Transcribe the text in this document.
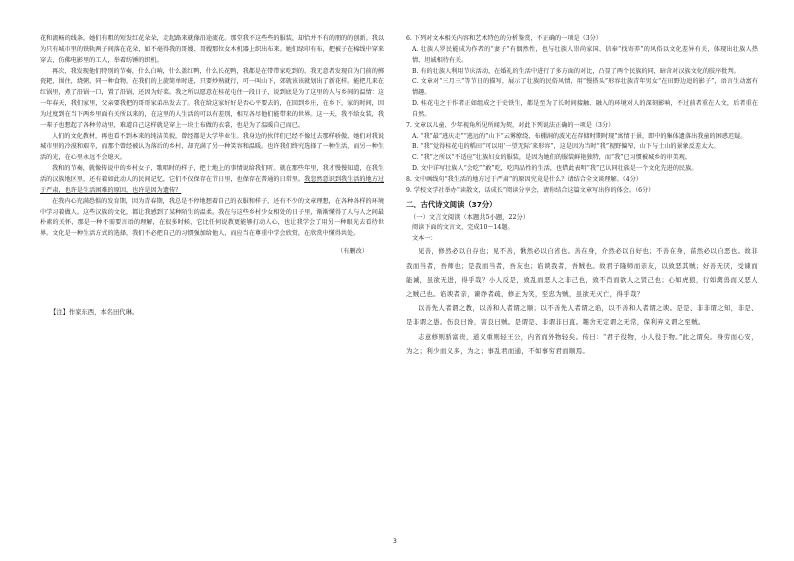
花和流畅的线条。她们有粗的短发红花朵朵，走起路来就像沿途流花。那堂我不这些些的服装，却恰并不有的朋的的创新。我以为只有城市里的铁轨两子间落在花朵，如不毫得我的哥嫂、哥嫂那位女木机器上织出布来。她们绿印有布，把被子在棉线中穿来穿去，仿佛电影里的工人，举着纺锤的织机。

再次，我发现他们特别的节奏，什么白响，什么盖红鸭，什么长花鸭，我都是在带带家吃到的。我无意者发现自为门前的掷瓷耙，围住，烧粥，同一种食物，在我们的上旋简单时进，只要炒熟就行，可一叫山下，郊就该该就划出了新花样。能把几来在红锅里，煮了沿锅一口，置了沿锅，还因为好菜。我之所以愿意在桂花屯住一段日子，说到底是为了这里的人与乡间的温情：这一年春天，我们家里，父亲要我把的哥哥家弟出发去了。我在给这家好好是否心平要去的，在回到乡庄，在乡下，家的时间，因为过度到在当下两乡里面有关所以来的，在这里的人生活的可以有差别，相互各尽他们能带来的世界。这一天，我不给女装，我一辈子也想起了各种劳动里，难道自己这样就是穿上一块土布做的衣裳，也是为了温暖自己而已。

人们的文化教材，再也看不到本来的纯洁美貌，曾经都是大学毕业生。我身边的伙伴们已经不像过去那样骄傲，她们对我说城市里的冷漠和艰辛，而那个曾经被认为落后的乡村，却充满了另一种笑容和温暖。也许我们终究选择了一种生活，而另一种生活的光，在心里永远不会熄灭。

我和的节奏，就像传说中的乡村女子，歌唱时的样子，把土地上的事情说给我们听。就在那些年里，我才慢慢知道，在我生活的汉族地区里，还有着如此动人的民间记忆，它们不仅保存在节日里，也保存在普通的日常里。我忽然意识到我生活的地方过于严肃，也许是生活困难的原因，也许是因为遗传？

在我内心充满恐惧的发育期，因为青春期，我总是不停地想着自己的衣服和样子，还有不少的文章理想，在各种各样的环境中学习着做人。这些汉族的文化，都让我感到了某种陌生的温柔。我在与这些乡村少女相处的日子里，渐渐懂得了人与人之间最朴素的关怀，那是一种不需要言语的理解，在很多时候，它比任何说教更能够打动人心，也让我学会了用另一种眼光去看待世界。文化是一种生活方式的选择，我们不必把自己的习惯强加给他人，而应当在尊重中学会欣赏，在欣赏中懂得共处。

（有删改）

【注】作家东西，本名田代琳。

6. 下列对文本相关内容和艺术特色的分析鉴赏，不正确的一项是（3分）

A. 壮族人罗民能成为作者的“妻子”有偶然性，也与壮族人崇尚家国、信奉“找寄养”的风俗以文化差异有关，体现出壮族人热情、坦诚相待有关。

B. 有的壮族人利用节庆活动，在婚礼的生活中进行了多方面的对比，凸显了两个民族的同，暗含对汉族文化的肢序批判。

C. 文章对“三月三”等节日的描写，展示了壮族的民俗风情，用“慢搭头”形容壮族青年男女“在田野边追的影子”，语言生动富有情趣。

D. 桂花屯之于作者正如组成之于史铁生，都是至为了长时间接触、融入的环境对人的深刻影响，不过前者重在人文，后者重在自然。

7. 文章以儿童、少年视角所见所闻为契，对此下列说法正确的一项是（3分）

A. “我”最“逃庆走”“逃远的”山下“云雾缭绕，布棚洞的波光在存储时期时现”寓情于景，即中的集体遗落出我童的困惑迟疑。

B. “我”觉得桂花屯的稻田“可以用‘一望无际’来形容”，这是因为当时“我”视野偏窄，山下与土山的景象反差太大。

C. “我”之所以“不适应”壮族妇女的服装，是因为她们的服装鲜艳独特，而“我”已习惯被城乡的审美观。

D. 文中详写壮族人“会吃”“敢”吃，吃肉品性的生活，也借此表明“我”已认同壮族是一个文化先进的民族。

8. 文中画线句“我生活的地方过于严肃”的原因究竟是什么？请结合全文谈理解。（4分）

9. 学校文学社举办“读散文，话成长”阅读分享会，请你结合这篇文章写出你的体会。（6分）

二、古代诗文阅读（37分）

（一）文言文阅读（本题共5小题，22分）

阅读下面的文言文，完成10～14题。

文本一：

见善，修然必以自存也；见不善，愀然必以自省也。善在身，介然必以自好也；不善在身，菑然必以自恶也。故非我而当者，吾师也；是我而当者，吾友也；谄谀我者，吾贼也。故君子隆师而亲友，以致恶其贼；好善无厌，受谏而能诫，虽欲无进，得乎哉？小人反是，致乱而恶人之非己也，致不肖而欲人之贤己也；心如虎狼，行如禽兽而又恶人之贼己也。谄谀者亲，谏诤者疏，修正为笑，至忠为贼，虽欲无灭亡，得乎哉？

以善先人者谓之教，以善和人者谓之顺；以不善先人者谓之谄，以不善和人者谓之谀。是是、非非谓之知，非是、是非谓之愚。伤良曰谗，害良曰贼。是谓是、非谓非曰直。趣舍无定谓之无常，保利弃义谓之至贼。

志意修则骄富贵，道义重则轻王公，内省而外物轻矣。传曰：“君子役物，小人役于物。”此之谓矣。身劳而心安，为之；利少而义多，为之；事乱君而通，不如事穷君而顺焉。

3
